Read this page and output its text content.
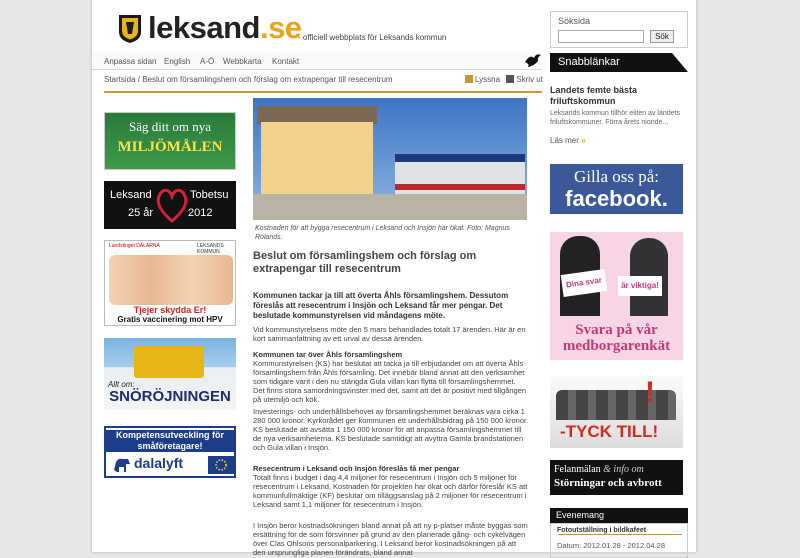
leksand.se
- officiell webbplats för Leksands kommun
Söksida
Sök
Anpassa sidan English A-Ö Webbkarta Kontakt
Startsida / Beslut om församlingshem och förslag om extrapengar till resecentrum	Lyssna Skriv ut
Säg ditt om nya
MILJÖMÅLEN
Leksand	Tobetsu
25 år	2012
Landstinget DALARNA	LEKSANDS KOMMUN
Tjejer skydda Er!
Gratis vaccinering mot HPV
Allt om:
SNÖRÖJNINGEN
Kompetensutveckling för småföretagare!
dalalyft
Kostnaden för att bygga resecentrum i Leksand och Insjön har ökat. Foto: Magnus Rolands.
Beslut om församlingshem och förslag om extrapengar till resecentrum
Kommunen tackar ja till att överta Åhls församlingshem. Dessutom föreslås att resecentrum i Insjön och Leksand får mer pengar. Det beslutade kommunstyrelsen vid måndagens möte.
Vid kommunstyrelsens möte den 5 mars behandlades totalt 17 ärenden. Här är en kort sammanfattning av ett urval av dessa ärenden.
Kommunen tar över Åhls församlingshem
Kommunstyrelsen (KS) har beslutat att tacka ja till erbjudandet om att överta Åhls församlingshem från Åhls församling. Det innebär bland annat att den verksamhet som tidigare varit i den nu stängda Gula villan kan flytta till församlingshemmet. Det finns stora samordningsvinster med det, samt att det är positivt med tillgången på utemiljö och kök.
Investerings- och underhållsbehovet av församlingshemmet beräknas vara cirka 1 280 000 kronor. Kyrkorådet ger kommunen ett underhållsbidrag på 150 000 kronor. KS beslutade att avsätta 1 150 000 kronor för att anpassa församlingshemmet till de nya verksamheterna. KS beslutade samtidigt att avyttra Gamla brandstationen och Gula villan i Insjön.
Resecentrum i Leksand och Insjön föreslås få mer pengar
Totalt finns i budget i dag 4,4 miljoner för resecentrum i Insjön och 5 miljoner för resecentrum i Leksand. Kostnaden för projekten har ökat och därför föreslår KS att kommunfullmäktige (KF) beslutar om tilläggsanslag på 2 miljoner för resecentrum i Leksand samt 1,1 miljoner för resecentrum i Insjön.
I Insjön beror kostnadsökningen bland annat på att ny p-platser måste byggas som ersättning för de som försvinner på grund av den planerade gång- och cykelvägen över Clas Ohlsons personalparkering. I Leksand beror kostnadsökningen på att den ursprungliga planen förändrats, bland annat
Snabblänkar
Landets femte bästa friluftskommun
Leksands kommun tillhör eliten av landets friluftskommuner. Förra årets nionde...
Läs mer »
Gilla oss på:
facebook.
Dina svar	är viktiga!
Svara på vår medborgarenkät
!
-TYCK TILL!
Felanmälan & info om
Störningar och avbrott
Evenemang
Fotoutställning i bildkafeet
Datum: 2012.01.28 - 2012.04.28
